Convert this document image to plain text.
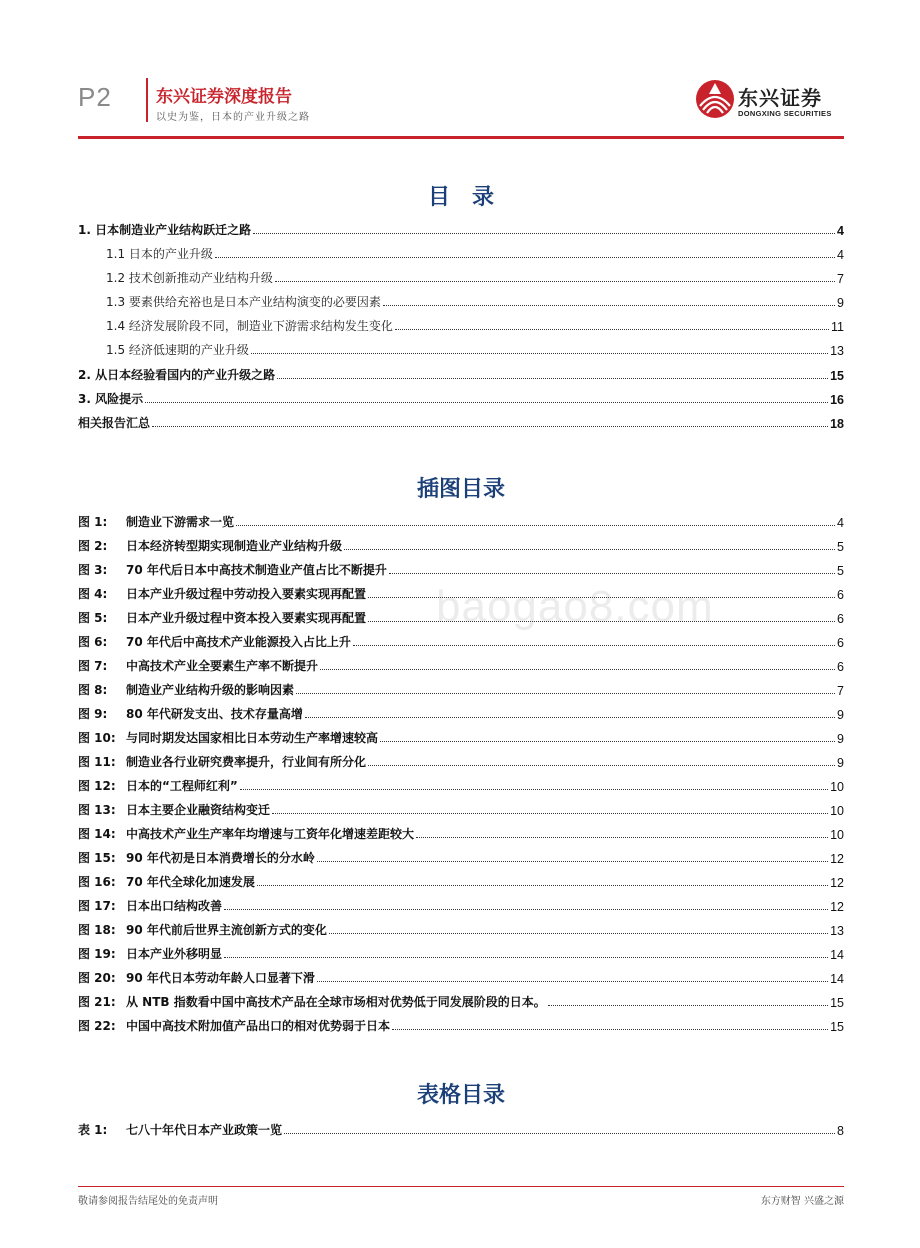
P2	东兴证券深度报告
以史为鉴，日本的产业升级之路
东兴证券
DONGXING SECURITIES
目　录
1. 日本制造业产业结构跃迁之路	4
1.1 日本的产业升级	4
1.2 技术创新推动产业结构升级	7
1.3 要素供给充裕也是日本产业结构演变的必要因素	9
1.4 经济发展阶段不同，制造业下游需求结构发生变化	11
1.5 经济低速期的产业升级	13
2. 从日本经验看国内的产业升级之路	15
3. 风险提示	16
相关报告汇总	18
插图目录
图 1: 制造业下游需求一览	4
图 2: 日本经济转型期实现制造业产业结构升级	5
图 3: 70 年代后日本中高技术制造业产值占比不断提升	5
图 4: 日本产业升级过程中劳动投入要素实现再配置	6
图 5: 日本产业升级过程中资本投入要素实现再配置	6
图 6: 70 年代后中高技术产业能源投入占比上升	6
图 7: 中高技术产业全要素生产率不断提升	6
图 8: 制造业产业结构升级的影响因素	7
图 9: 80 年代研发支出、技术存量高增	9
图 10: 与同时期发达国家相比日本劳动生产率增速较高	9
图 11: 制造业各行业研究费率提升，行业间有所分化	9
图 12: 日本的“工程师红利”	10
图 13: 日本主要企业融资结构变迁	10
图 14: 中高技术产业生产率年均增速与工资年化增速差距较大	10
图 15: 90 年代初是日本消费增长的分水岭	12
图 16: 70 年代全球化加速发展	12
图 17: 日本出口结构改善	12
图 18: 90 年代前后世界主流创新方式的变化	13
图 19: 日本产业外移明显	14
图 20: 90 年代日本劳动年龄人口显著下滑	14
图 21: 从 NTB 指数看中国中高技术产品在全球市场相对优势低于同发展阶段的日本。	15
图 22: 中国中高技术附加值产品出口的相对优势弱于日本	15
表格目录
表 1: 七八十年代日本产业政策一览	8
baogao8.com
敬请参阅报告结尾处的免责声明	东方财智 兴盛之源
